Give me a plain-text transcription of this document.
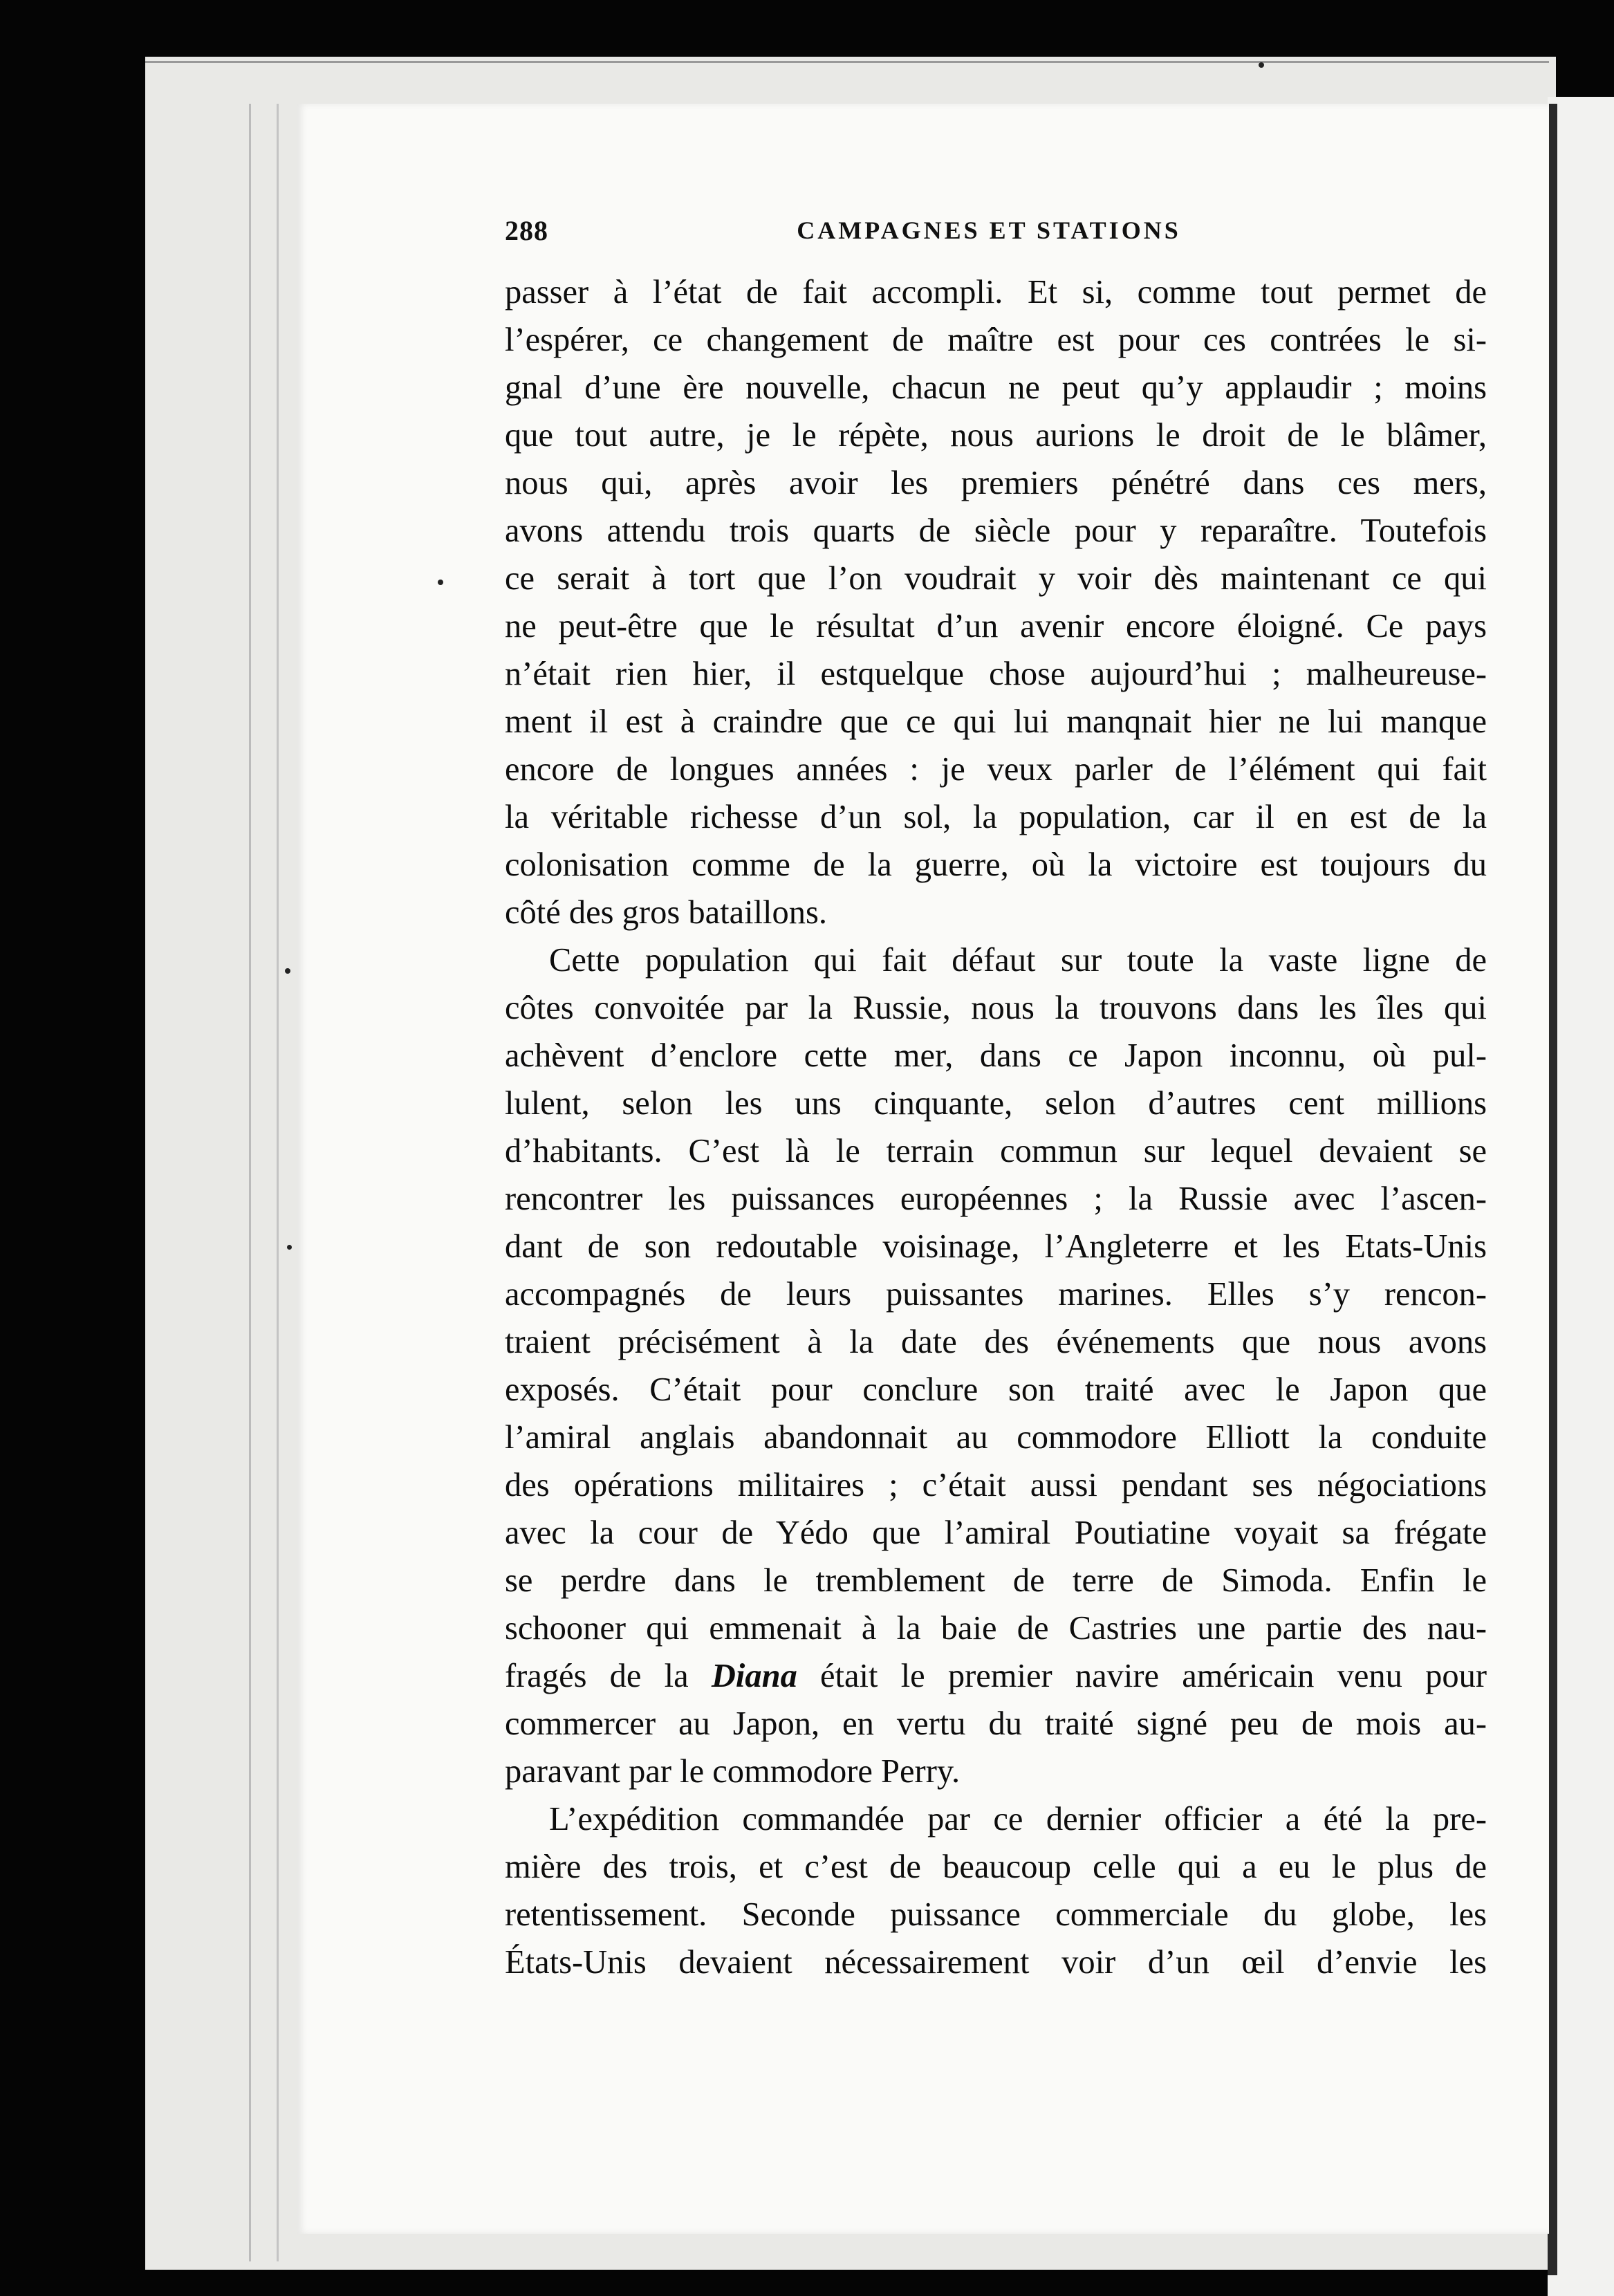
288	CAMPAGNES ET STATIONS
passer à l’état de fait accompli. Et si, comme tout permet de
l’espérer, ce changement de maître est pour ces contrées le si-
gnal d’une ère nouvelle, chacun ne peut qu’y applaudir ; moins
que tout autre, je le répète, nous aurions le droit de le blâmer,
nous qui, après avoir les premiers pénétré dans ces mers,
avons attendu trois quarts de siècle pour y reparaître. Toutefois
ce serait à tort que l’on voudrait y voir dès maintenant ce qui
ne peut-être que le résultat d’un avenir encore éloigné. Ce pays
n’était rien hier, il estquelque chose aujourd’hui ; malheureuse-
ment il est à craindre que ce qui lui manqnait hier ne lui manque
encore de longues années : je veux parler de l’élément qui fait
la véritable richesse d’un sol, la population, car il en est de la
colonisation comme de la guerre, où la victoire est toujours du
côté des gros bataillons.
Cette population qui fait défaut sur toute la vaste ligne de
côtes convoitée par la Russie, nous la trouvons dans les îles qui
achèvent d’enclore cette mer, dans ce Japon inconnu, où pul-
lulent, selon les uns cinquante, selon d’autres cent millions
d’habitants. C’est là le terrain commun sur lequel devaient se
rencontrer les puissances européennes ; la Russie avec l’ascen-
dant de son redoutable voisinage, l’Angleterre et les Etats-Unis
accompagnés de leurs puissantes marines. Elles s’y rencon-
traient précisément à la date des événements que nous avons
exposés. C’était pour conclure son traité avec le Japon que
l’amiral anglais abandonnait au commodore Elliott la conduite
des opérations militaires ; c’était aussi pendant ses négociations
avec la cour de Yédo que l’amiral Poutiatine voyait sa frégate
se perdre dans le tremblement de terre de Simoda. Enfin le
schooner qui emmenait à la baie de Castries une partie des nau-
fragés de la Diana était le premier navire américain venu pour
commercer au Japon, en vertu du traité signé peu de mois au-
paravant par le commodore Perry.
L’expédition commandée par ce dernier officier a été la pre-
mière des trois, et c’est de beaucoup celle qui a eu le plus de
retentissement. Seconde puissance commerciale du globe, les
États-Unis devaient nécessairement voir d’un œil d’envie les
